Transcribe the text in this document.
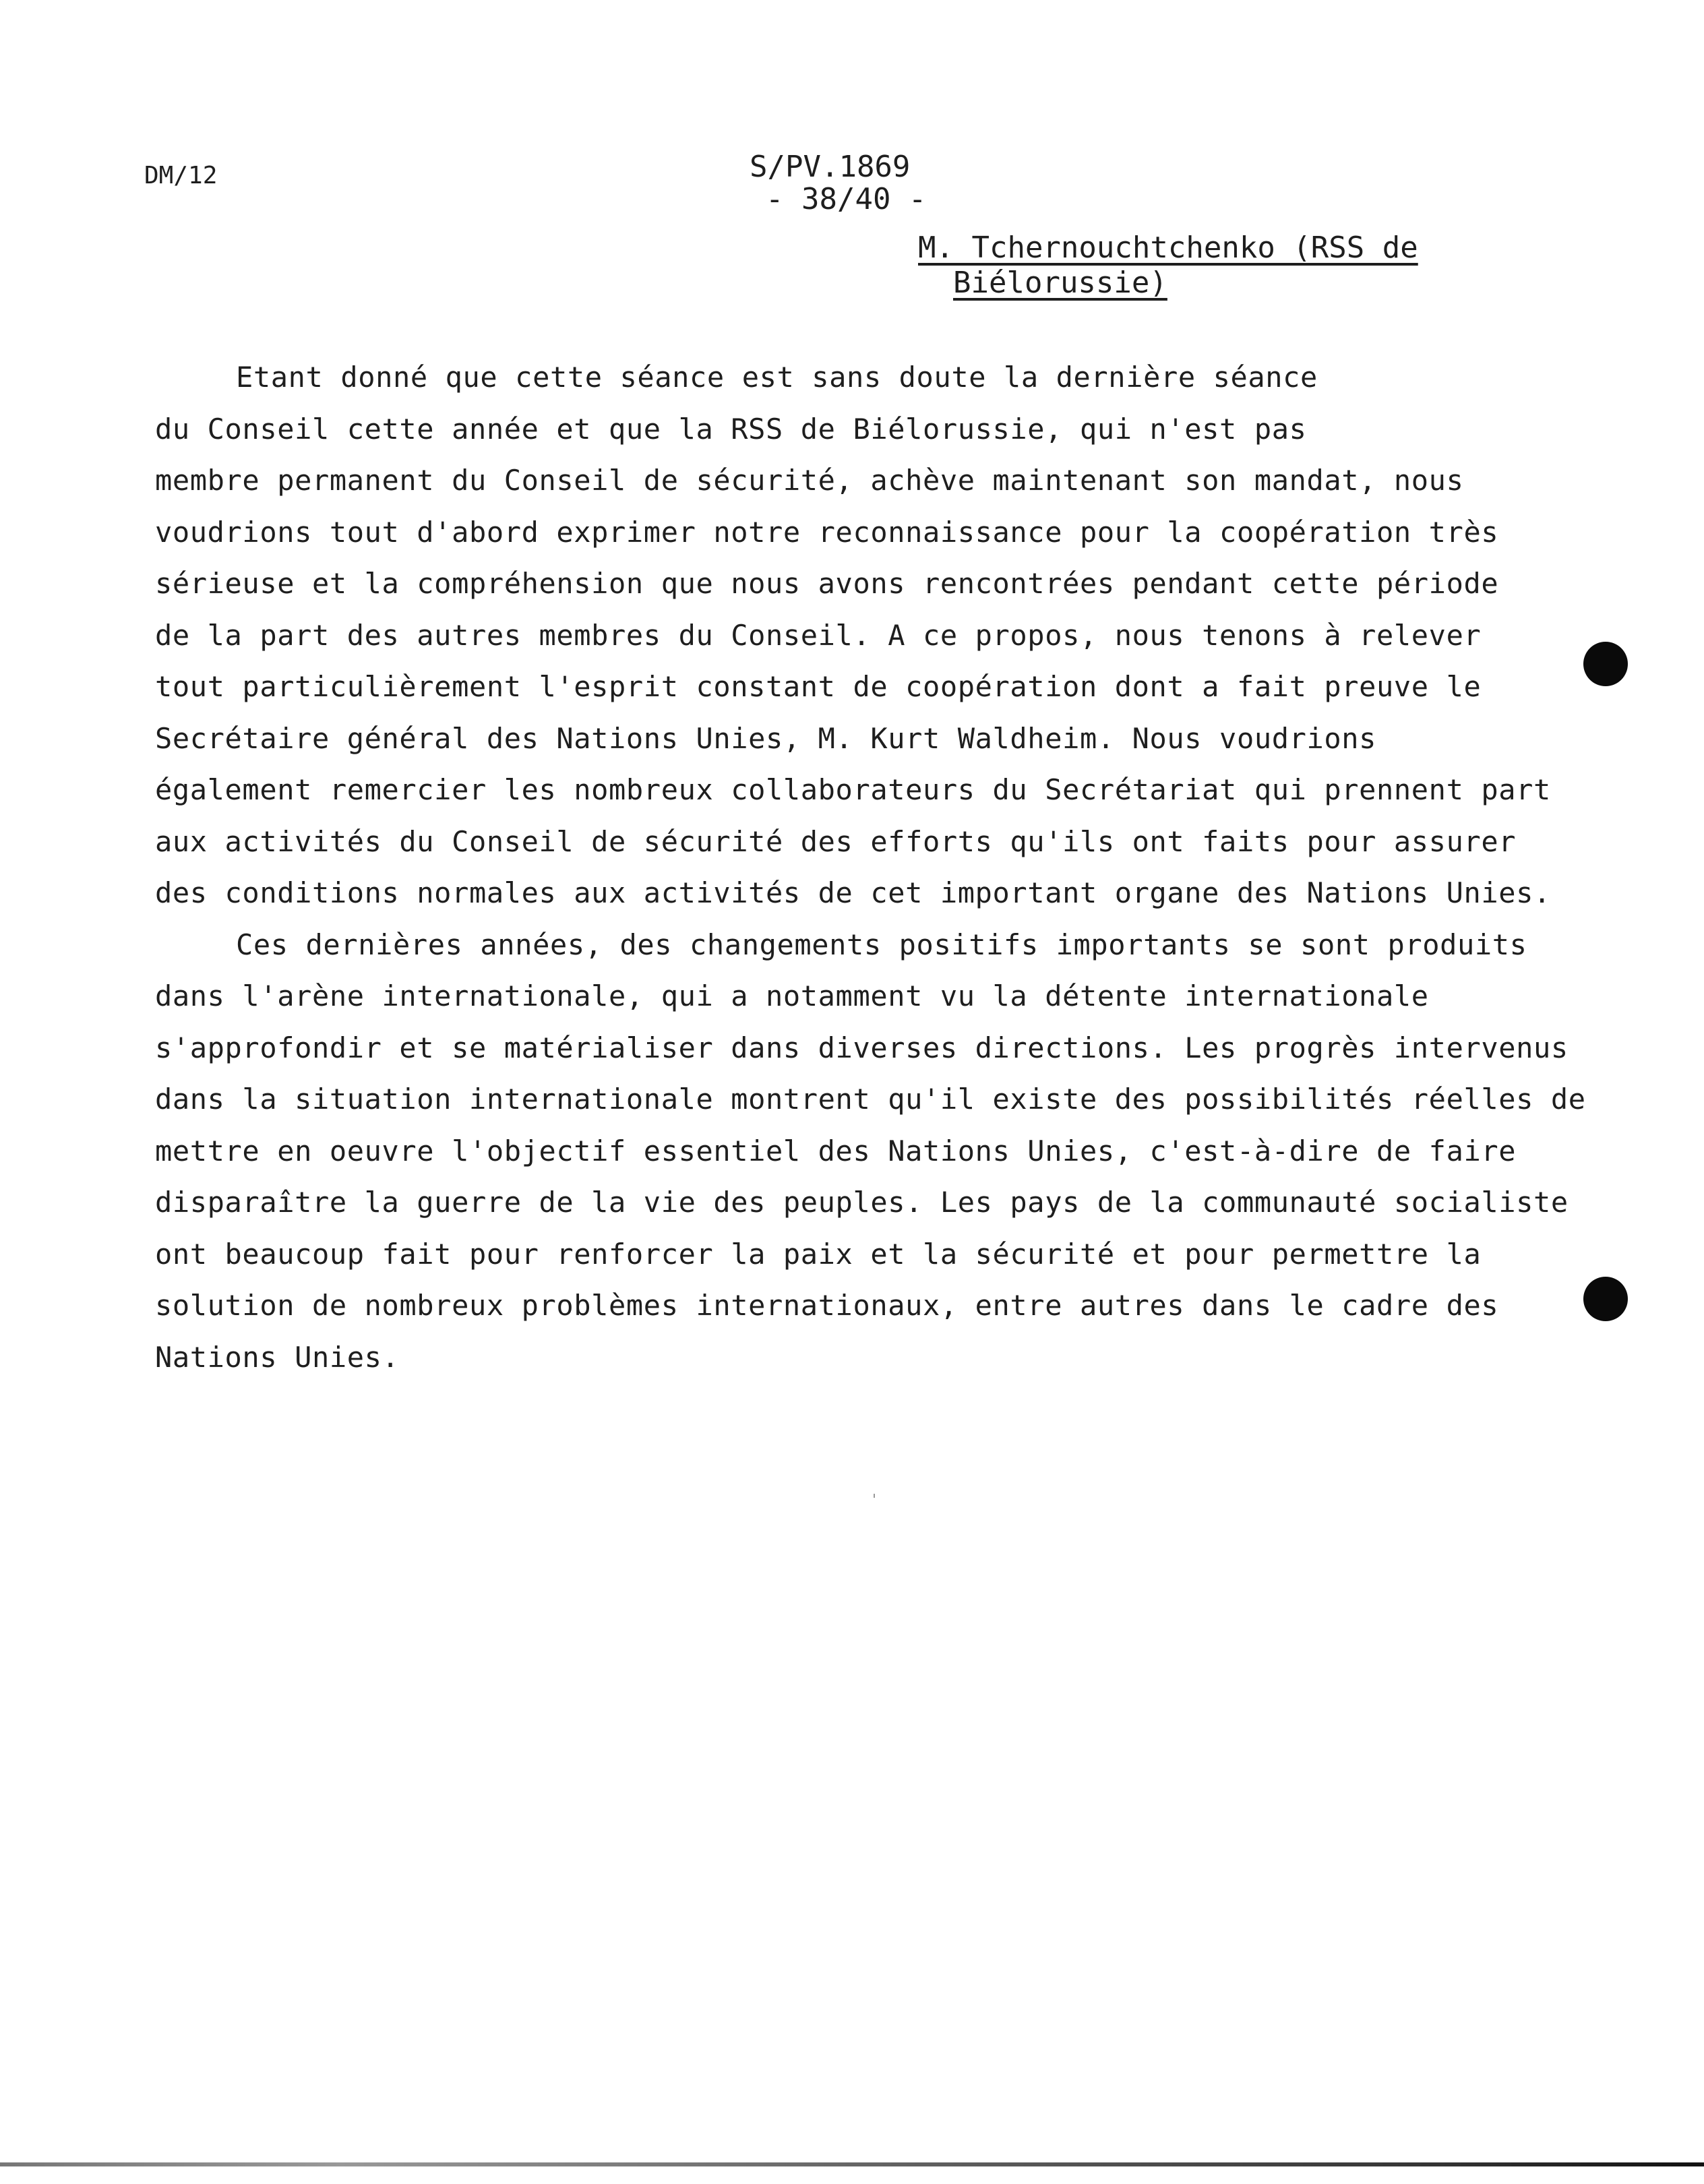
DM/12	S/PV.1869
- 38/40 -
M. Tchernouchtchenko (RSS de
Biélorussie)
Etant donné que cette séance est sans doute la dernière séance
du Conseil cette année et que la RSS de Biélorussie, qui n'est pas
membre permanent du Conseil de sécurité, achève maintenant son mandat, nous
voudrions tout d'abord exprimer notre reconnaissance pour la coopération très
sérieuse et la compréhension que nous avons rencontrées pendant cette période
de la part des autres membres du Conseil. A ce propos, nous tenons à relever
tout particulièrement l'esprit constant de coopération dont a fait preuve le
Secrétaire général des Nations Unies, M. Kurt Waldheim. Nous voudrions
également remercier les nombreux collaborateurs du Secrétariat qui prennent part
aux activités du Conseil de sécurité des efforts qu'ils ont faits pour assurer
des conditions normales aux activités de cet important organe des Nations Unies.
Ces dernières années, des changements positifs importants se sont produits
dans l'arène internationale, qui a notamment vu la détente internationale
s'approfondir et se matérialiser dans diverses directions. Les progrès intervenus
dans la situation internationale montrent qu'il existe des possibilités réelles de
mettre en oeuvre l'objectif essentiel des Nations Unies, c'est-à-dire de faire
disparaître la guerre de la vie des peuples. Les pays de la communauté socialiste
ont beaucoup fait pour renforcer la paix et la sécurité et pour permettre la
solution de nombreux problèmes internationaux, entre autres dans le cadre des
Nations Unies.
